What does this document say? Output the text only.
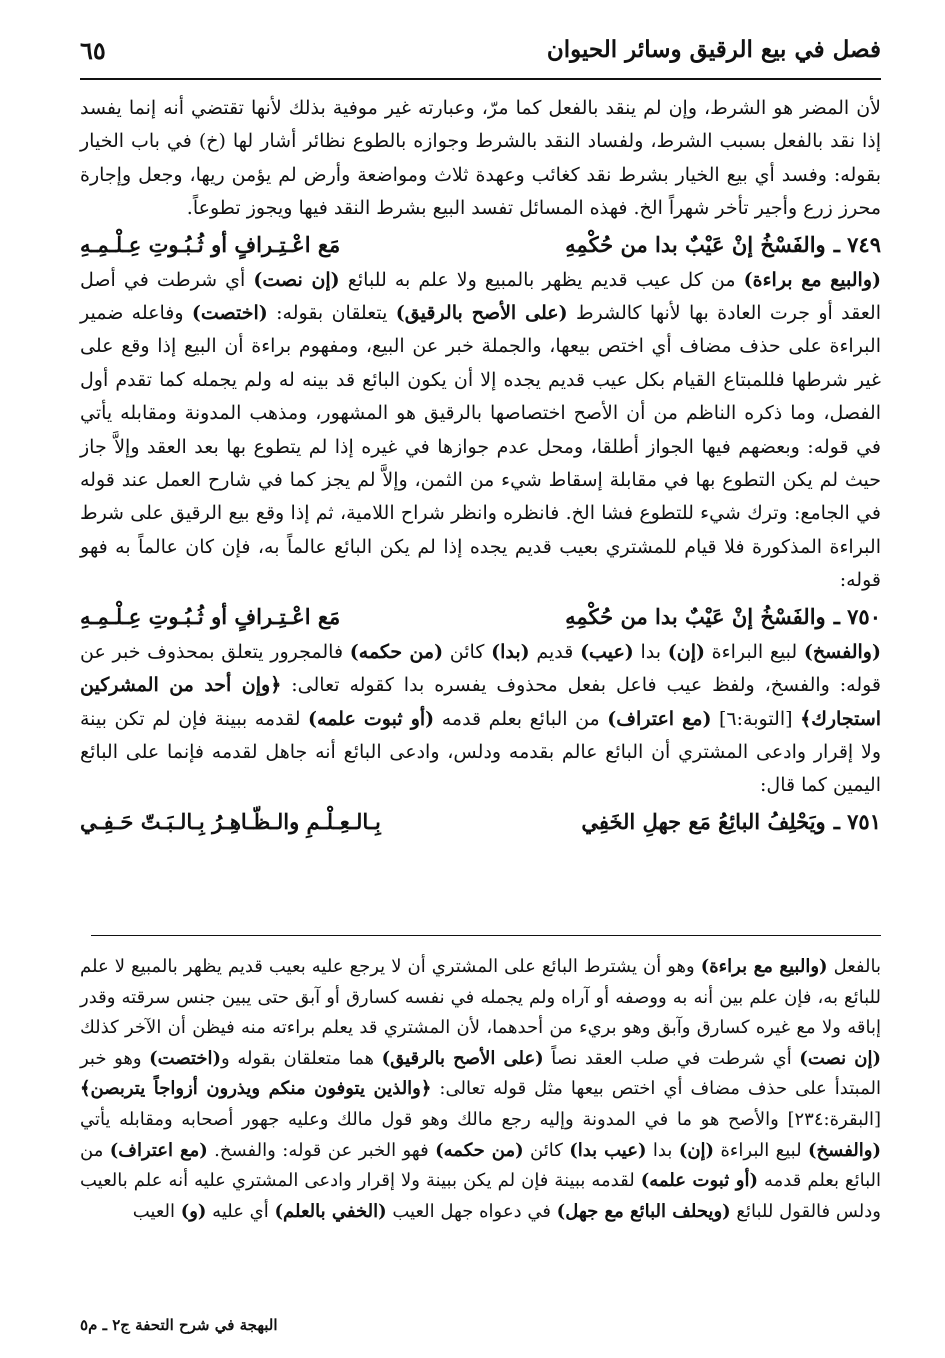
فصل في بيع الرقيق وسائر الحيوان
٦٥

لأن المضر هو الشرط، وإن لم ينقد بالفعل كما مرّ، وعبارته غير موفية بذلك لأنها تقتضي أنه إنما يفسد إذا نقد بالفعل بسبب الشرط، ولفساد النقد بالشرط وجوازه بالطوع نظائر أشار لها (خ) في باب الخيار بقوله: وفسد أي بيع الخيار بشرط نقد كغائب وعهدة ثلاث ومواضعة وأرض لم يؤمن ريها، وجعل وإجارة محرز زرع وأجير تأخر شهراً الخ. فهذه المسائل تفسد البيع بشرط النقد فيها ويجوز تطوعاً.

٧٤٩ ـ
والفَسْخُ إنْ عَيْبٌ بدا من حُكْمِهِ
مَع اعْـتِـرافٍ أو ثُـبُـوتِ عِـلْـمِـهِ

(والبيع مع براءة) من كل عيب قديم يظهر بالمبيع ولا علم به للبائع (إن نصت) أي شرطت في أصل العقد أو جرت العادة بها لأنها كالشرط (على الأصح بالرقيق) يتعلقان بقوله: (اختصت) وفاعله ضمير البراءة على حذف مضاف أي اختص بيعها، والجملة خبر عن البيع، ومفهوم براءة أن البيع إذا وقع على غير شرطها فللمبتاع القيام بكل عيب قديم يجده إلا أن يكون البائع قد بينه له ولم يجمله كما تقدم أول الفصل، وما ذكره الناظم من أن الأصح اختصاصها بالرقيق هو المشهور، ومذهب المدونة ومقابله يأتي في قوله: وبعضهم فيها الجواز أطلقا، ومحل عدم جوازها في غيره إذا لم يتطوع بها بعد العقد وإلاَّ جاز حيث لم يكن التطوع بها في مقابلة إسقاط شيء من الثمن، وإلاَّ لم يجز كما في شارح العمل عند قوله في الجامع: وترك شيء للتطوع فشا الخ. فانظره وانظر شراح اللامية، ثم إذا وقع بيع الرقيق على شرط البراءة المذكورة فلا قيام للمشتري بعيب قديم يجده إذا لم يكن البائع عالماً به، فإن كان عالماً به فهو قوله:

٧٥٠ ـ
والفَسْخُ إنْ عَيْبٌ بدا من حُكْمِهِ
مَع اعْـتِـرافٍ أو ثُـبُـوتِ عِـلْـمِـهِ

(والفسخ) لبيع البراءة (إن) بدا (عيب) قديم (بدا) كائن (من حكمه) فالمجرور يتعلق بمحذوف خبر عن قوله: والفسخ، ولفظ عيب فاعل بفعل محذوف يفسره بدا كقوله تعالى: ﴿وإن أحد من المشركين استجارك﴾ [التوبة:٦] (مع اعتراف) من البائع بعلم قدمه (أو ثبوت علمه) لقدمه ببينة فإن لم تكن بينة ولا إقرار وادعى المشتري أن البائع عالم بقدمه ودلس، وادعى البائع أنه جاهل لقدمه فإنما على البائع اليمين كما قال:

٧٥١ ـ
ويَحْلِفُ البائِعُ مَع جهلِ الخَفِي
بِـالـعِـلْـمِ والـظّـاهِـرُ بِـالـبَـتّ حَـفِـي

بالفعل (والبيع مع براءة) وهو أن يشترط البائع على المشتري أن لا يرجع عليه بعيب قديم يظهر بالمبيع لا علم للبائع به، فإن علم بين أنه به ووصفه أو آراه ولم يجمله في نفسه كسارق أو آبق حتى يبين جنس سرقته وقدر إباقه ولا مع غيره كسارق وآبق وهو بريء من أحدهما، لأن المشتري قد يعلم براءته منه فيظن أن الآخر كذلك (إن نصت) أي شرطت في صلب العقد نصاً (على الأصح بالرقيق) هما متعلقان بقوله و(اختصت) وهو خبر المبتدأ على حذف مضاف أي اختص بيعها مثل قوله تعالى: ﴿والذين يتوفون منكم ويذرون أزواجاً يتربصن﴾ [البقرة:٢٣٤] والأصح هو ما في المدونة وإليه رجع مالك وهو قول مالك وعليه جهور أصحابه ومقابله يأتي (والفسخ) لبيع البراءة (إن) بدا (عيب بدا) كائن (من حكمه) فهو الخبر عن قوله: والفسخ. (مع اعتراف) من البائع بعلم قدمه (أو ثبوت علمه) لقدمه ببينة فإن لم يكن ببينة ولا إقرار وادعى المشتري عليه أنه علم بالعيب ودلس فالقول للبائع (ويحلف البائع مع جهل) في دعواه جهل العيب (الخفي بالعلم) أي عليه (و) العيب

البهجة في شرح التحفة ج٢ ـ م٥
